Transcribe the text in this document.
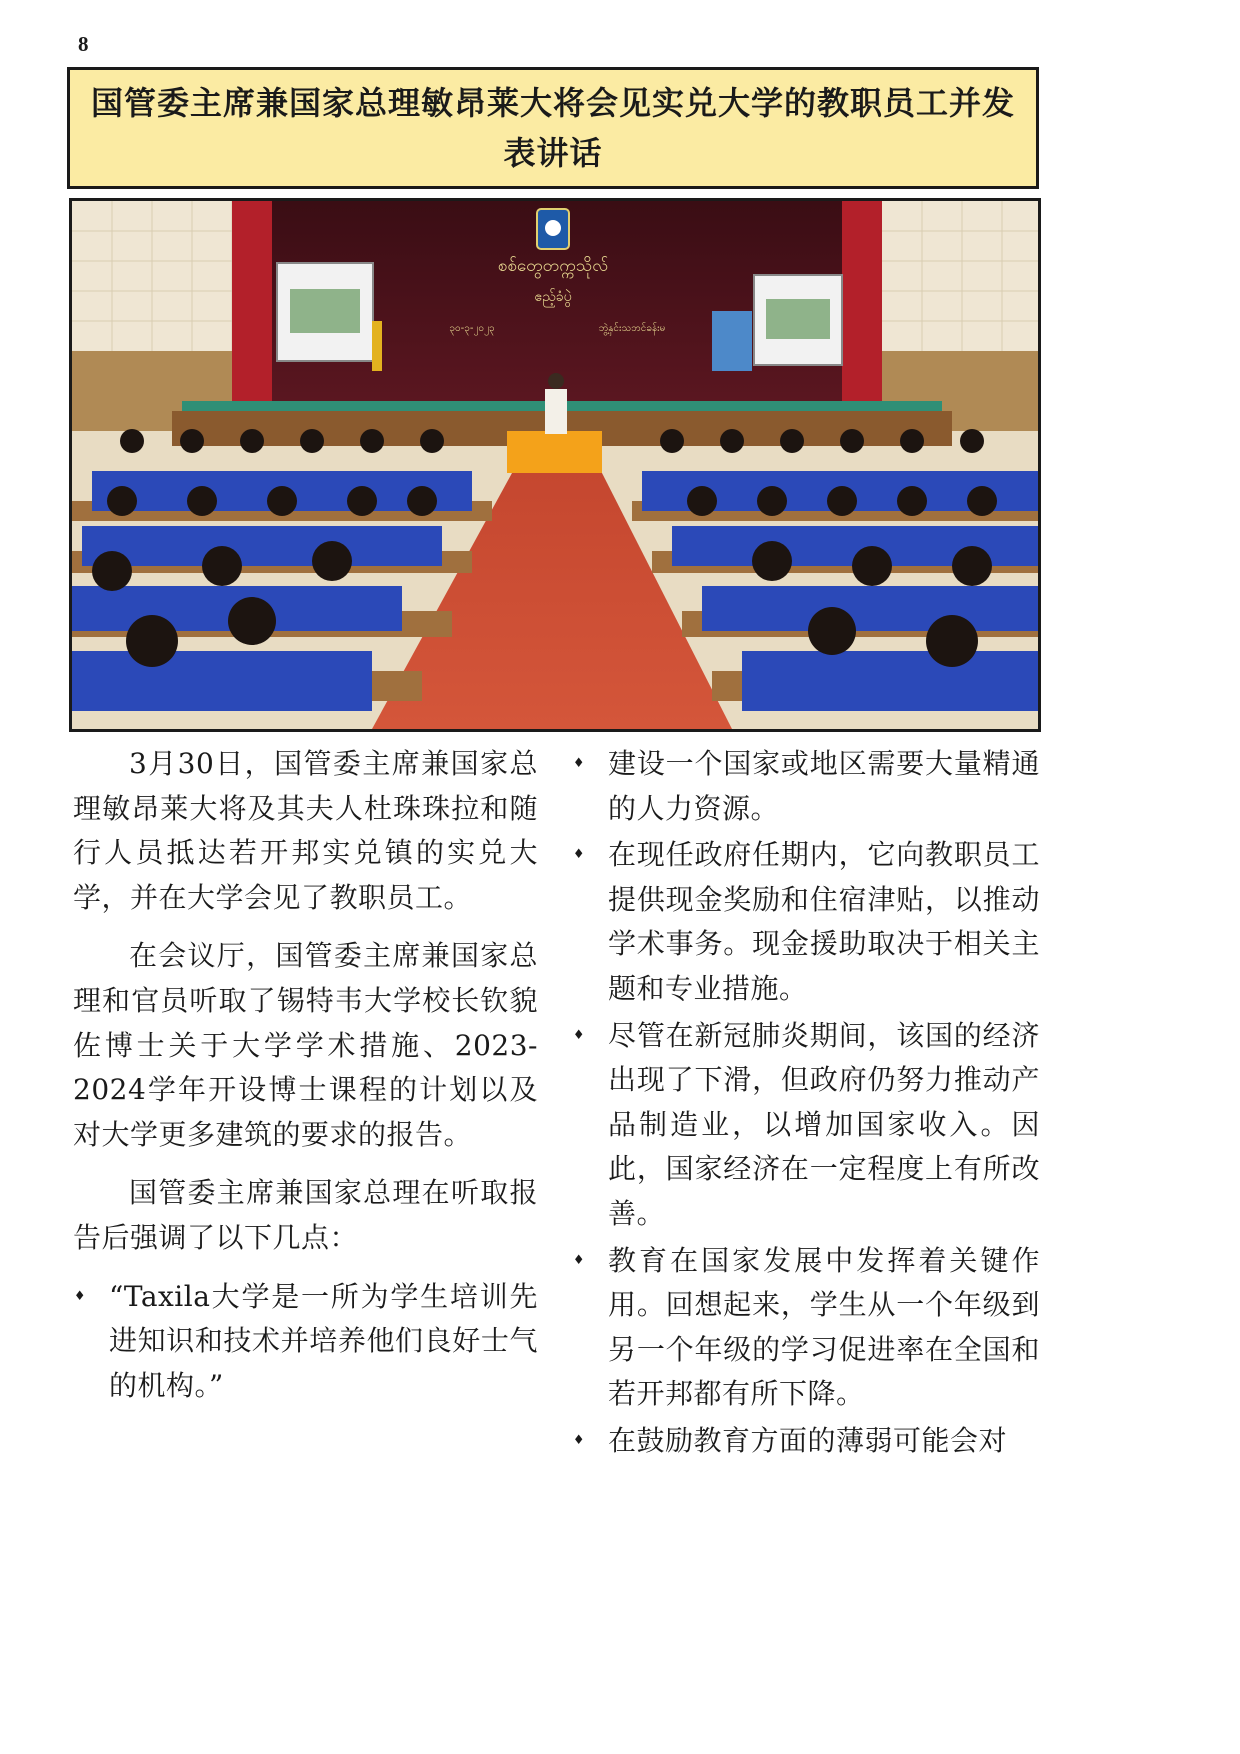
8
国管委主席兼国家总理敏昂莱大将会见实兑大学的教职员工并发表讲话
စစ်တွေတက္ကသိုလ်
ဧည့်ခံပွဲ
၃၀-၃-၂၀၂၃	ဘွဲ့နှင်းသဘင်ခန်းမ

3月30日，国管委主席兼国家总理敏昂莱大将及其夫人杜珠珠拉和随行人员抵达若开邦实兑镇的实兑大学，并在大学会见了教职员工。

在会议厅，国管委主席兼国家总理和官员听取了锡特韦大学校长钦貌佐博士关于大学学术措施、2023-2024学年开设博士课程的计划以及对大学更多建筑的要求的报告。

国管委主席兼国家总理在听取报告后强调了以下几点：

♦ “Taxila大学是一所为学生培训先进知识和技术并培养他们良好士气的机构。”
♦ 建设一个国家或地区需要大量精通的人力资源。
♦ 在现任政府任期内，它向教职员工提供现金奖励和住宿津贴，以推动学术事务。现金援助取决于相关主题和专业措施。
♦ 尽管在新冠肺炎期间，该国的经济出现了下滑，但政府仍努力推动产品制造业，以增加国家收入。因此，国家经济在一定程度上有所改善。
♦ 教育在国家发展中发挥着关键作用。回想起来，学生从一个年级到另一个年级的学习促进率在全国和若开邦都有所下降。
♦ 在鼓励教育方面的薄弱可能会对
